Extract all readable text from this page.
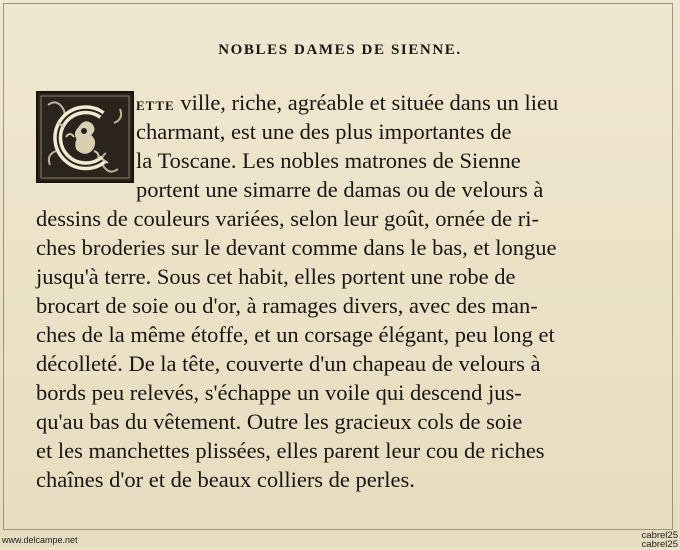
NOBLES DAMES DE SIENNE.
ETTE ville, riche, agréable et située dans un lieu
charmant, est une des plus importantes de
la Toscane. Les nobles matrones de Sienne
portent une simarre de damas ou de velours à
dessins de couleurs variées, selon leur goût, ornée de ri-
ches broderies sur le devant comme dans le bas, et longue
jusqu'à terre. Sous cet habit, elles portent une robe de
brocart de soie ou d'or, à ramages divers, avec des man-
ches de la même étoffe, et un corsage élégant, peu long et
décolleté. De la tête, couverte d'un chapeau de velours à
bords peu relevés, s'échappe un voile qui descend jus-
qu'au bas du vêtement. Outre les gracieux cols de soie
et les manchettes plissées, elles parent leur cou de riches
chaînes d'or et de beaux colliers de perles.
www.delcampe.net	cabrel25
cabrel25
